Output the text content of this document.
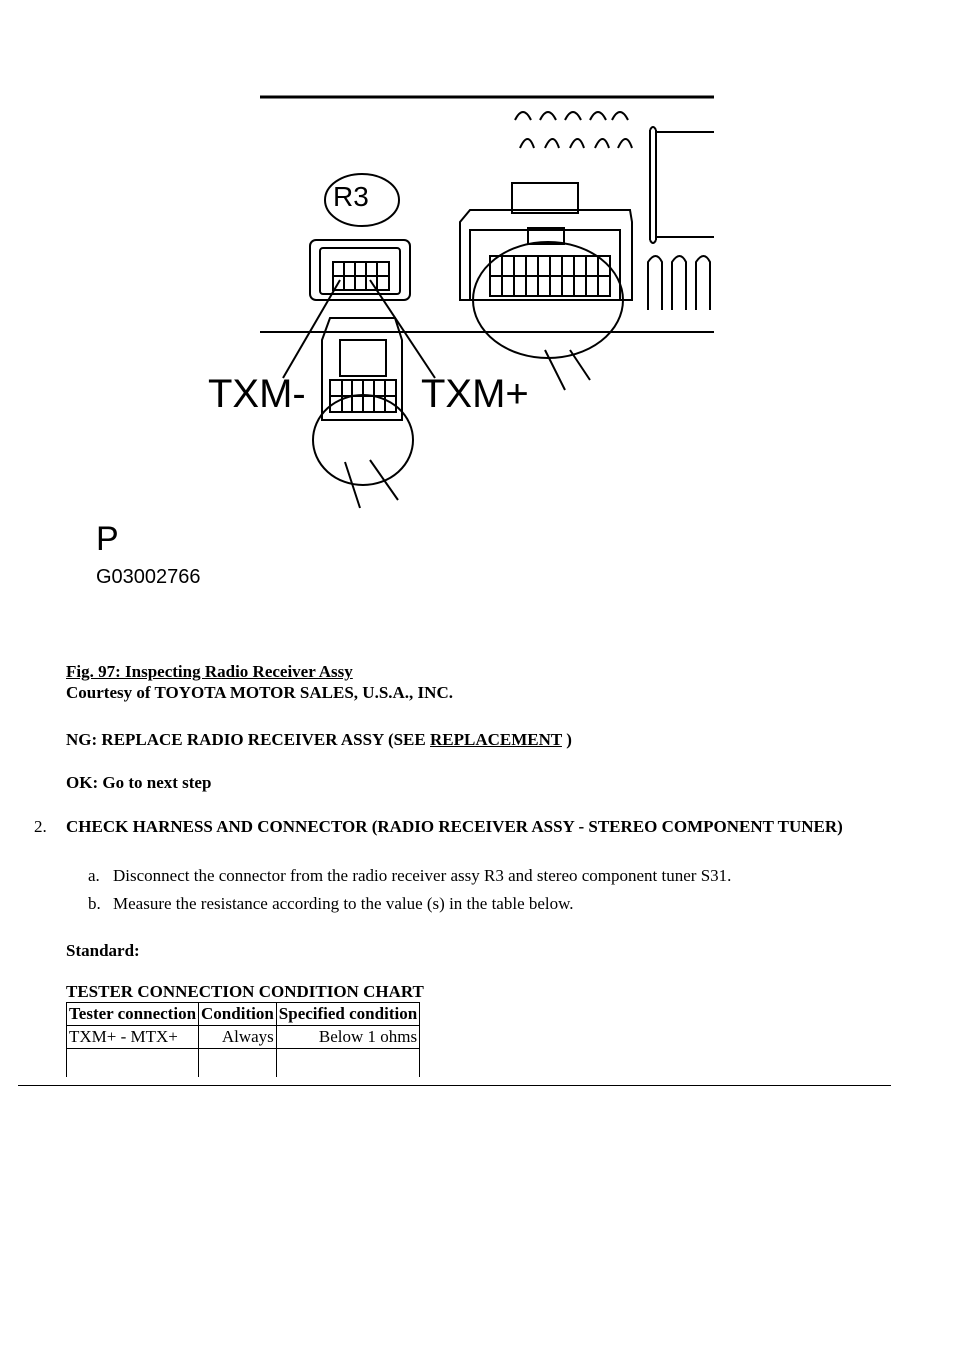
R3
TXM-	TXM+
P
G03002766
Fig. 97: Inspecting Radio Receiver Assy
Courtesy of TOYOTA MOTOR SALES, U.S.A., INC.
NG: REPLACE RADIO RECEIVER ASSY (SEE REPLACEMENT )
OK: Go to next step
2. CHECK HARNESS AND CONNECTOR (RADIO RECEIVER ASSY - STEREO COMPONENT TUNER)
a. Disconnect the connector from the radio receiver assy R3 and stereo component tuner S31.
b. Measure the resistance according to the value (s) in the table below.
Standard:
TESTER CONNECTION CONDITION CHART
Tester connection	Condition	Specified condition
TXM+ - MTX+	Always	Below 1 ohms
